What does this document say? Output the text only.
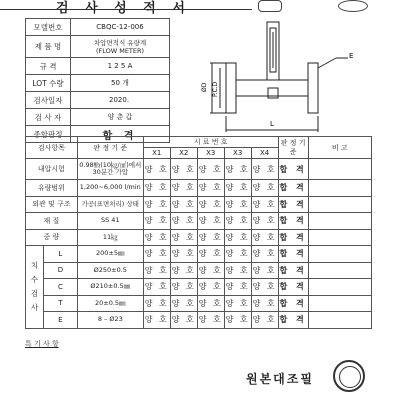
검 사 성 적 서
모델번호	CBQC-12-006
제 품 명	차압면적식 유량계
(FLOW METER)
규 격	1 2 5 A
LOT 수량	50 개
검사일자	2020.
검 사 자	양 춘 갑
종합판정	합 격
E
ØD P.C.D
L
검사항목		판 정 기 준	시 료 번 호					판 정 기 준	비 고
			X1	X2	X3	X3	X4		
내압시험		0.98㎫(10㎏/㎠)에서
30분간 가압	양 호	양 호	양 호	양 호	양 호	합 격	
유량범위		1,200~6,000 l/min	양 호	양 호	양 호	양 호	양 호	합 격	
외관 및 구조		가공(표면처리) 상태	양 호	양 호	양 호	양 호	양 호	합 격	
재 질		SS 41	양 호	양 호	양 호	양 호	양 호	합 격	
중 량		11㎏	양 호	양 호	양 호	양 호	양 호	합 격	
치
수
검
사	L	200±5㎜	양 호	양 호	양 호	양 호	양 호	합 격	
	D	Ø250±0.5	양 호	양 호	양 호	양 호	양 호	합 격	
	C	Ø210±0.5㎜	양 호	양 호	양 호	양 호	양 호	합 격	
	T	20±0.5㎜	양 호	양 호	양 호	양 호	양 호	합 격	
	E	8 – Ø23	양 호	양 호	양 호	양 호	양 호	합 격	
특 기 사 항
원본대조필
